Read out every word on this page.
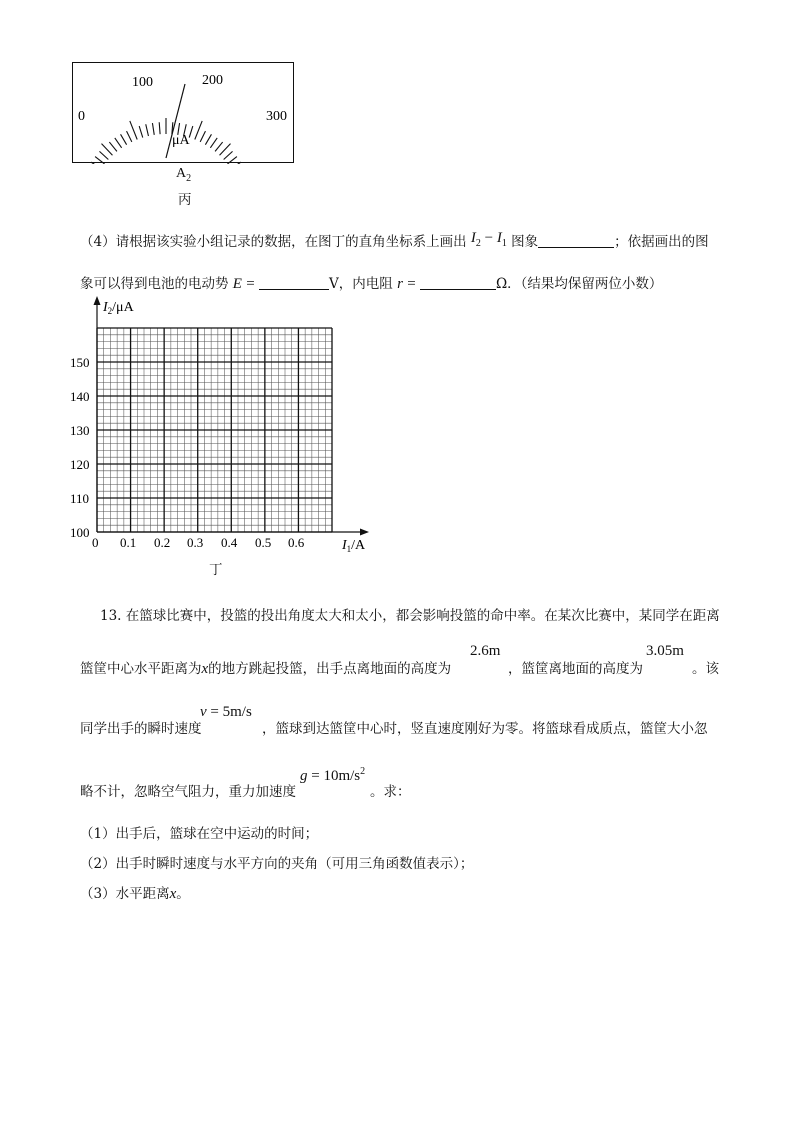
0
100	200
300
μA
$A_2$
丙
（4）请根据该实验小组记录的数据，在图丁的直角坐标系上画出 $I_2 - I_1$ 图象	；依据画出的图
象可以得到电池的电动势 E =	V，内电阻 r =	Ω．（结果均保留两位小数）
$I_2/\mu A$
150
140
130
120
110
100
0 0.1 0.2 0.3 0.4 0.5 0.6	$I_1/A$
丁
13. 在篮球比赛中，投篮的投出角度太大和太小，都会影响投篮的命中率。在某次比赛中，某同学在距离
篮筐中心水平距离为x的地方跳起投篮，出手点离地面的高度为
2.6m
，篮筐离地面的高度为
3.05m
。该
同学出手的瞬时速度
v = 5m/s
，篮球到达篮筐中心时，竖直速度刚好为零。将篮球看成质点，篮筐大小忽
略不计，忽略空气阻力，重力加速度
$g = 10m/s^2$
。求：
（1）出手后，篮球在空中运动的时间；
（2）出手时瞬时速度与水平方向的夹角（可用三角函数值表示）；
（3）水平距离x。
